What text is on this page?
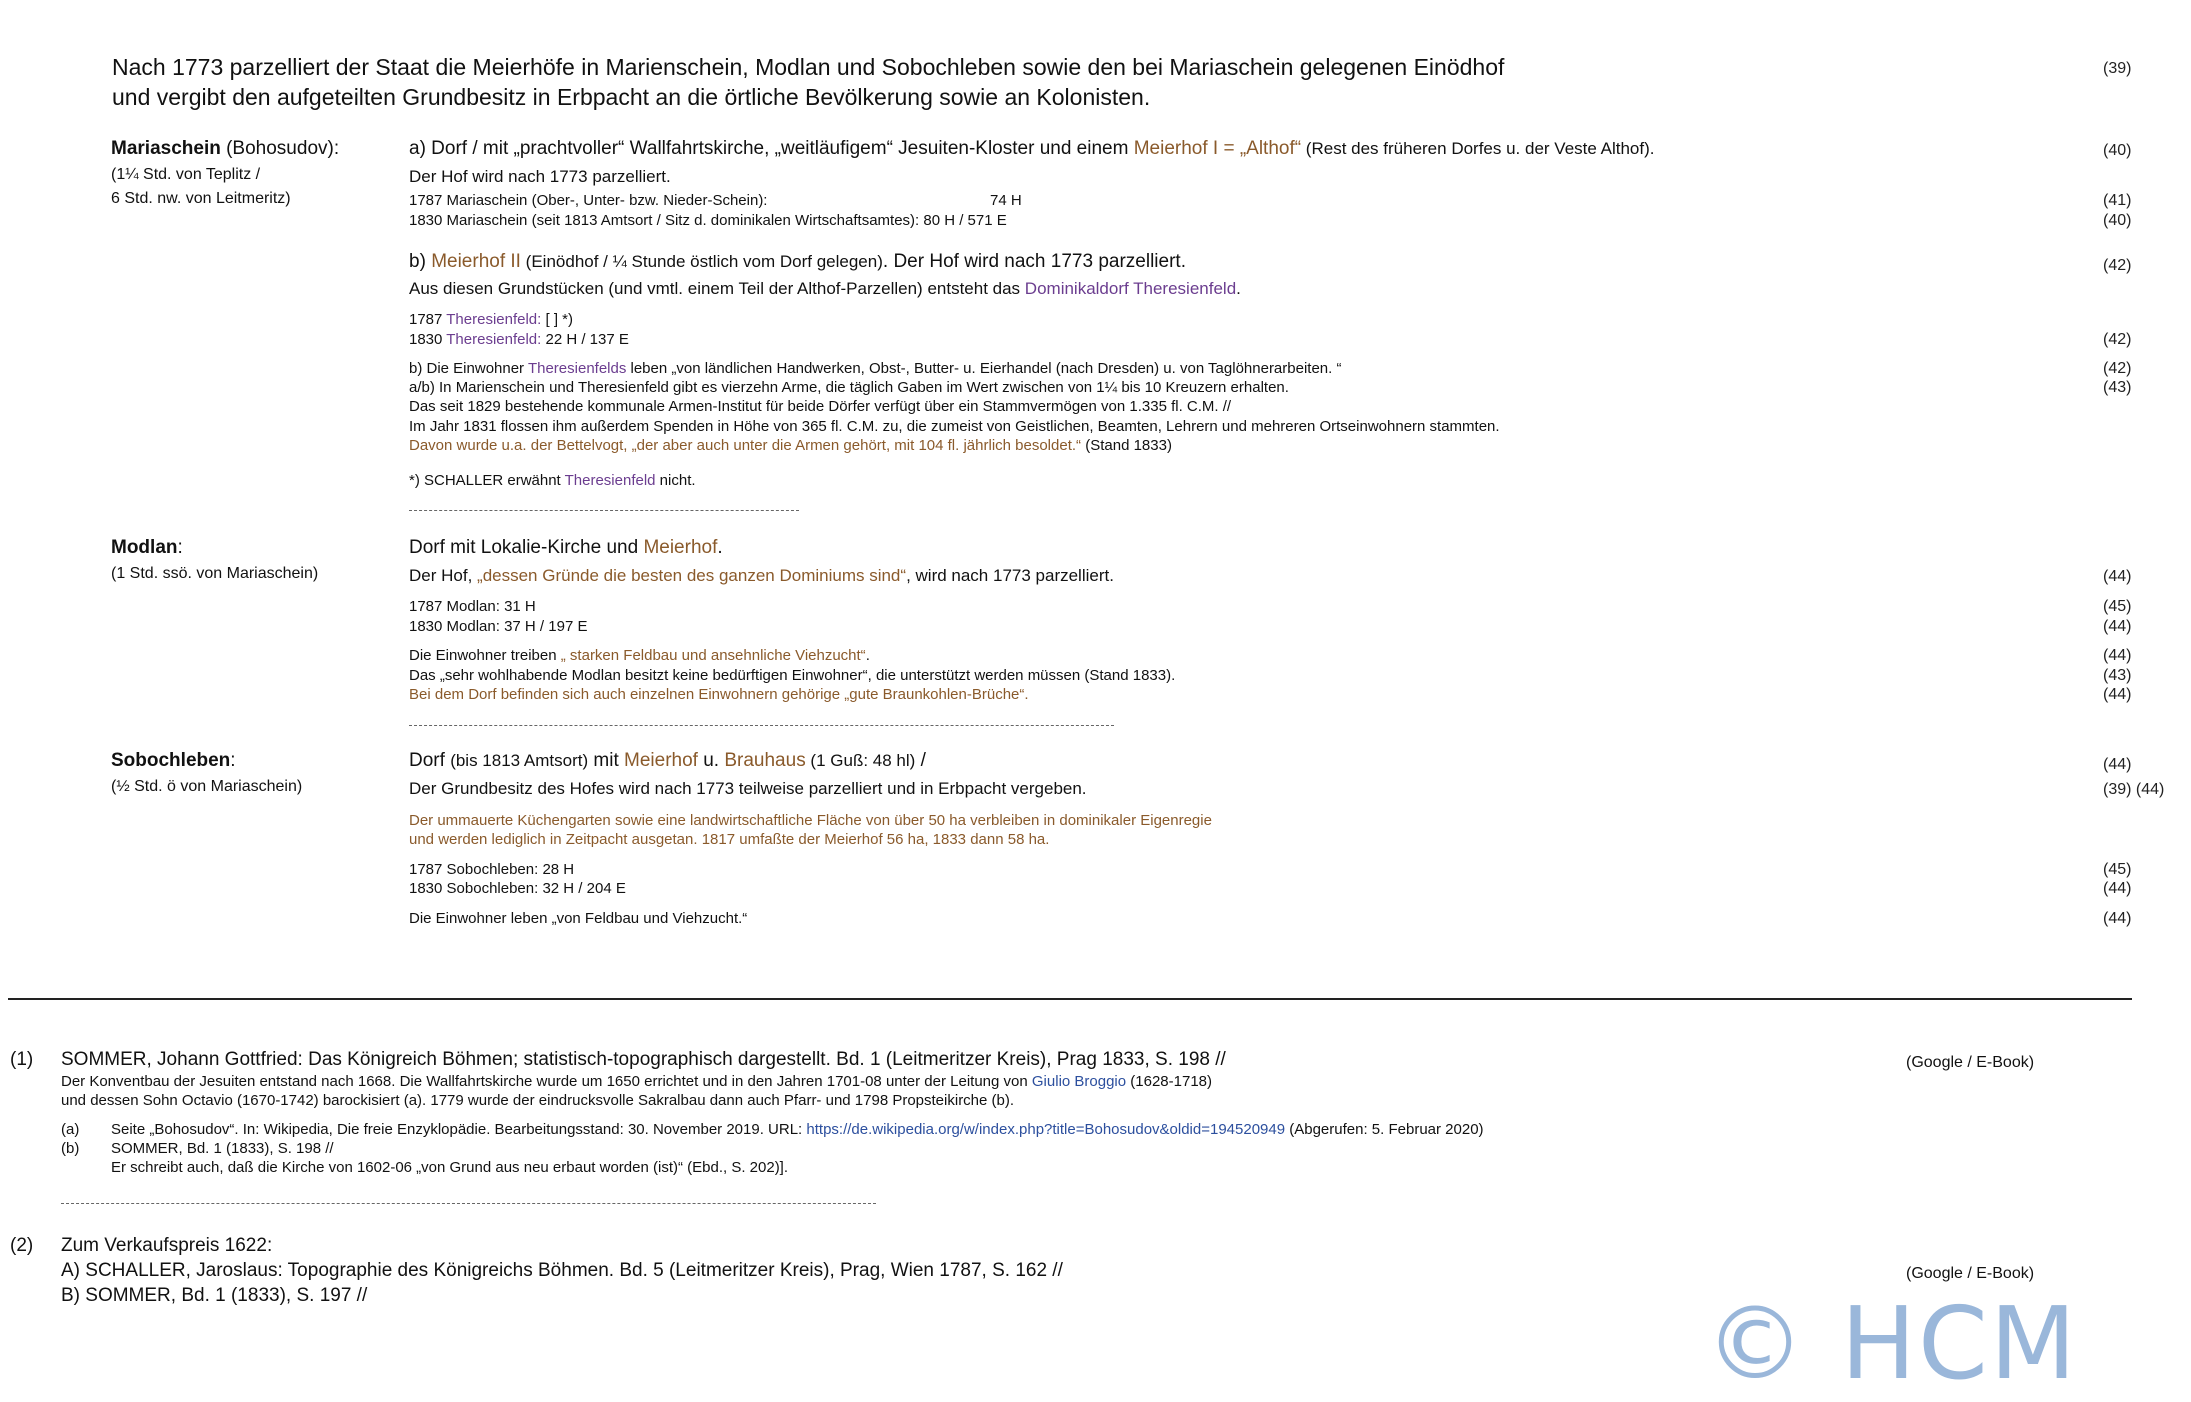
Nach 1773 parzelliert der Staat die Meierhöfe in Marienschein, Modlan und Sobochleben sowie den bei Mariaschein gelegenen Einödhof
und vergibt den aufgeteilten Grundbesitz in Erbpacht an die örtliche Bevölkerung sowie an Kolonisten.
(39)
Mariaschein (Bohosudov):
(1¼ Std. von Teplitz /
6 Std. nw. von Leitmeritz)
a) Dorf / mit „prachtvoller“ Wallfahrtskirche, „weitläufigem“ Jesuiten-Kloster und einem Meierhof I = „Althof“ (Rest des früheren Dorfes u. der Veste Althof).	(40)
Der Hof wird nach 1773 parzelliert.
1787 Mariaschein (Ober-, Unter- bzw. Nieder-Schein):	74 H	(41)
1830 Mariaschein (seit 1813 Amtsort / Sitz d. dominikalen Wirtschaftsamtes): 80 H / 571 E	(40)
b) Meierhof II (Einödhof / ¼ Stunde östlich vom Dorf gelegen). Der Hof wird nach 1773 parzelliert.	(42)
Aus diesen Grundstücken (und vmtl. einem Teil der Althof-Parzellen) entsteht das Dominikaldorf Theresienfeld.
1787 Theresienfeld: [ ] *)
1830 Theresienfeld: 22 H / 137 E	(42)
b) Die Einwohner Theresienfelds leben „von ländlichen Handwerken, Obst-, Butter- u. Eierhandel (nach Dresden) u. von Taglöhnerarbeiten. “	(42)
a/b) In Marienschein und Theresienfeld gibt es vierzehn Arme, die täglich Gaben im Wert zwischen von 1¼ bis 10 Kreuzern erhalten.	(43)
Das seit 1829 bestehende kommunale Armen-Institut für beide Dörfer verfügt über ein Stammvermögen von 1.335 fl. C.M. //
Im Jahr 1831 flossen ihm außerdem Spenden in Höhe von 365 fl. C.M. zu, die zumeist von Geistlichen, Beamten, Lehrern und mehreren Ortseinwohnern stammten.
Davon wurde u.a. der Bettelvogt, „der aber auch unter die Armen gehört, mit 104 fl. jährlich besoldet.“ (Stand 1833)
*) SCHALLER erwähnt Theresienfeld nicht.
Modlan:
(1 Std. ssö. von Mariaschein)
Dorf mit Lokalie-Kirche und Meierhof.
Der Hof, „dessen Gründe die besten des ganzen Dominiums sind“, wird nach 1773 parzelliert.	(44)
1787 Modlan: 31 H	(45)
1830 Modlan: 37 H / 197 E	(44)
Die Einwohner treiben „ starken Feldbau und ansehnliche Viehzucht“.	(44)
Das „sehr wohlhabende Modlan besitzt keine bedürftigen Einwohner“, die unterstützt werden müssen (Stand 1833).	(43)
Bei dem Dorf befinden sich auch einzelnen Einwohnern gehörige „gute Braunkohlen-Brüche“.	(44)
Sobochleben:
(½ Std. ö von Mariaschein)
Dorf (bis 1813 Amtsort) mit Meierhof u. Brauhaus (1 Guß: 48 hl) /	(44)
Der Grundbesitz des Hofes wird nach 1773 teilweise parzelliert und in Erbpacht vergeben.	(39) (44)
Der ummauerte Küchengarten sowie eine landwirtschaftliche Fläche von über 50 ha verbleiben in dominikaler Eigenregie
und werden lediglich in Zeitpacht ausgetan. 1817 umfaßte der Meierhof 56 ha, 1833 dann 58 ha.
1787 Sobochleben: 28 H	(45)
1830 Sobochleben: 32 H / 204 E	(44)
Die Einwohner leben „von Feldbau und Viehzucht.“	(44)
(1) SOMMER, Johann Gottfried: Das Königreich Böhmen; statistisch-topographisch dargestellt. Bd. 1 (Leitmeritzer Kreis), Prag 1833, S. 198 //	(Google / E-Book)
Der Konventbau der Jesuiten entstand nach 1668. Die Wallfahrtskirche wurde um 1650 errichtet und in den Jahren 1701-08 unter der Leitung von Giulio Broggio (1628-1718)
und dessen Sohn Octavio (1670-1742) barockisiert (a). 1779 wurde der eindrucksvolle Sakralbau dann auch Pfarr- und 1798 Propsteikirche (b).
(a) Seite „Bohosudov“. In: Wikipedia, Die freie Enzyklopädie. Bearbeitungsstand: 30. November 2019. URL: https://de.wikipedia.org/w/index.php?title=Bohosudov&oldid=194520949 (Abgerufen: 5. Februar 2020)
(b) SOMMER, Bd. 1 (1833), S. 198 //
Er schreibt auch, daß die Kirche von 1602-06 „von Grund aus neu erbaut worden (ist)“ (Ebd., S. 202)].
(2) Zum Verkaufspreis 1622:
A) SCHALLER, Jaroslaus: Topographie des Königreichs Böhmen. Bd. 5 (Leitmeritzer Kreis), Prag, Wien 1787, S. 162 //	(Google / E-Book)
B) SOMMER, Bd. 1 (1833), S. 197 //	© HCM
